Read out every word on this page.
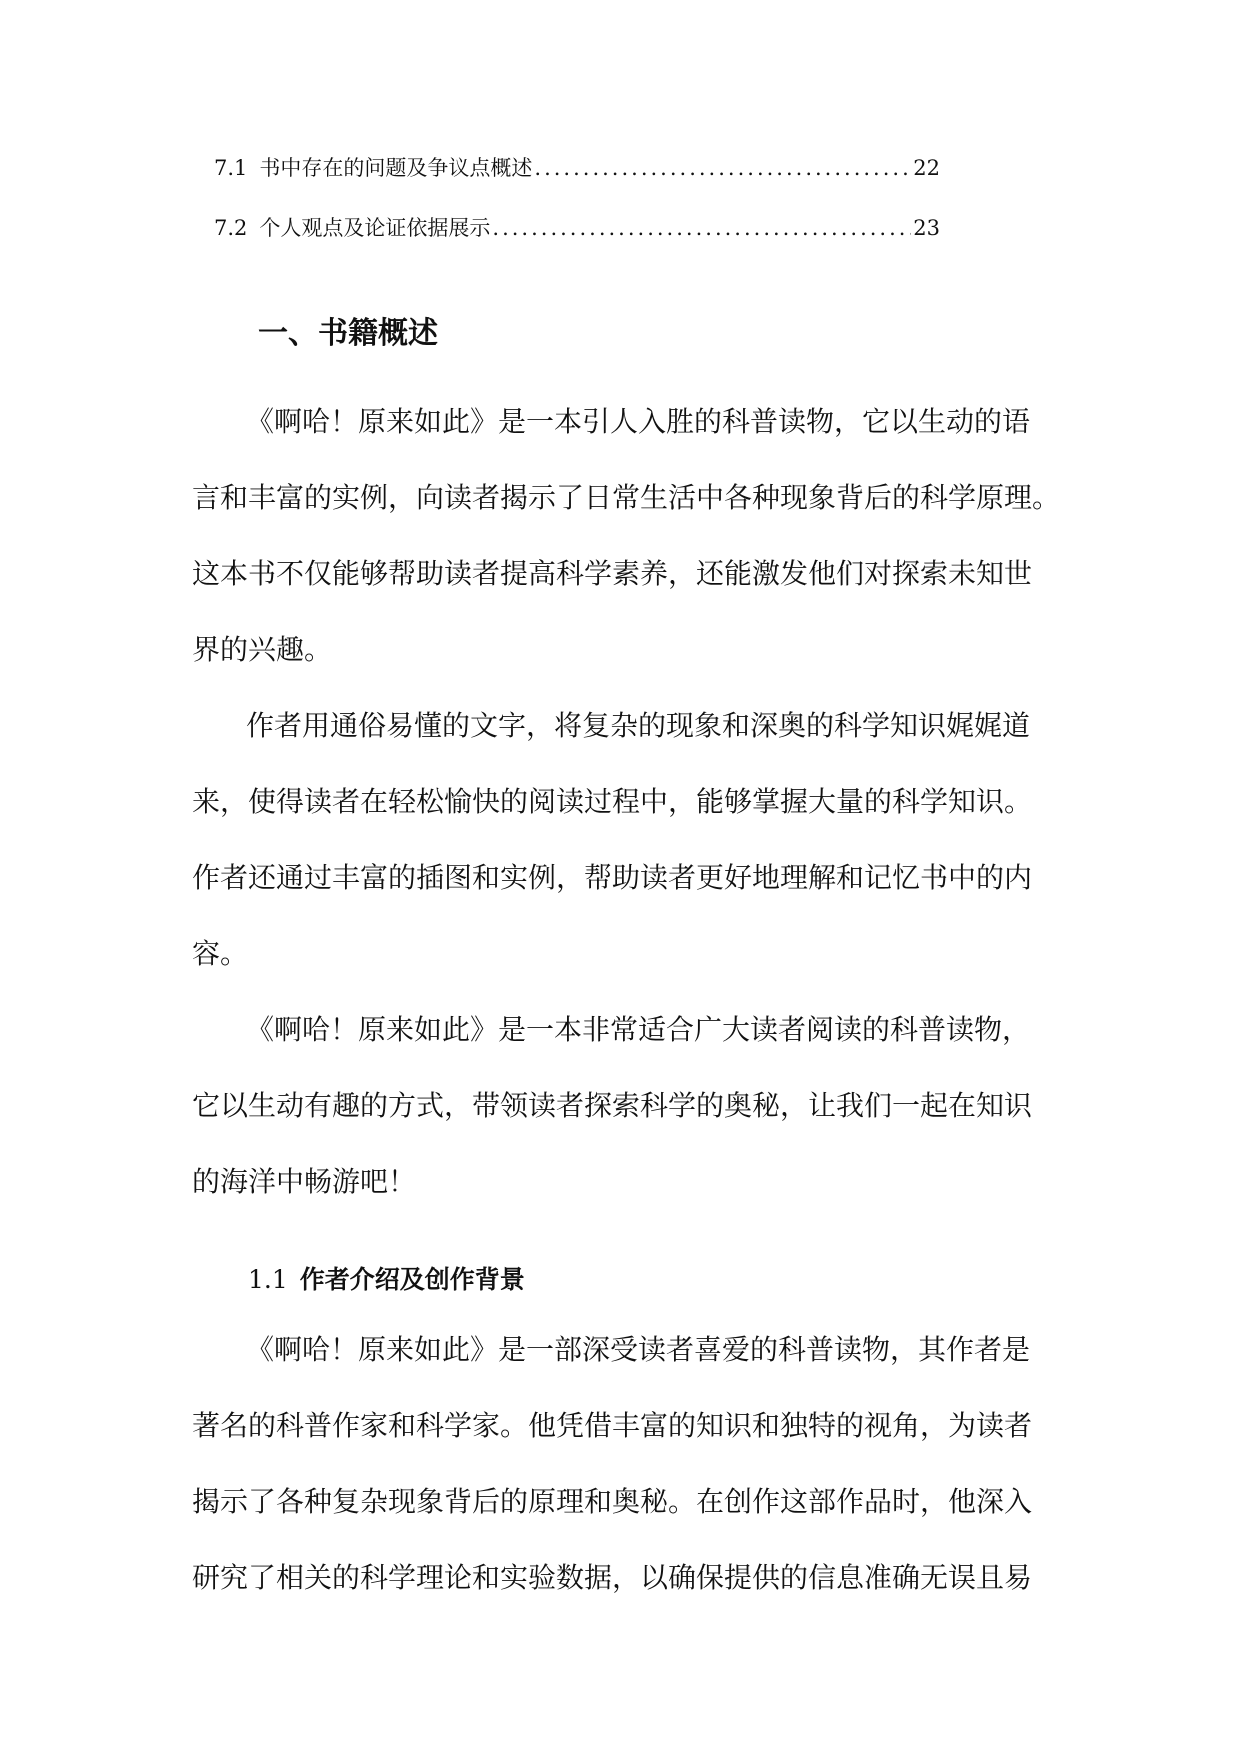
7.1 书中存在的问题及争议点概述 .....	22
7.2 个人观点及论证依据展示 .....	23
一、书籍概述
《啊哈！原来如此》是一本引人入胜的科普读物，它以生动的语
言和丰富的实例，向读者揭示了日常生活中各种现象背后的科学原理。
这本书不仅能够帮助读者提高科学素养，还能激发他们对探索未知世
界的兴趣。
作者用通俗易懂的文字，将复杂的现象和深奥的科学知识娓娓道
来，使得读者在轻松愉快的阅读过程中，能够掌握大量的科学知识。
作者还通过丰富的插图和实例，帮助读者更好地理解和记忆书中的内
容。
《啊哈！原来如此》是一本非常适合广大读者阅读的科普读物，
它以生动有趣的方式，带领读者探索科学的奥秘，让我们一起在知识
的海洋中畅游吧！
1.1 作者介绍及创作背景
《啊哈！原来如此》是一部深受读者喜爱的科普读物，其作者是
著名的科普作家和科学家。他凭借丰富的知识和独特的视角，为读者
揭示了各种复杂现象背后的原理和奥秘。在创作这部作品时，他深入
研究了相关的科学理论和实验数据，以确保提供的信息准确无误且易
